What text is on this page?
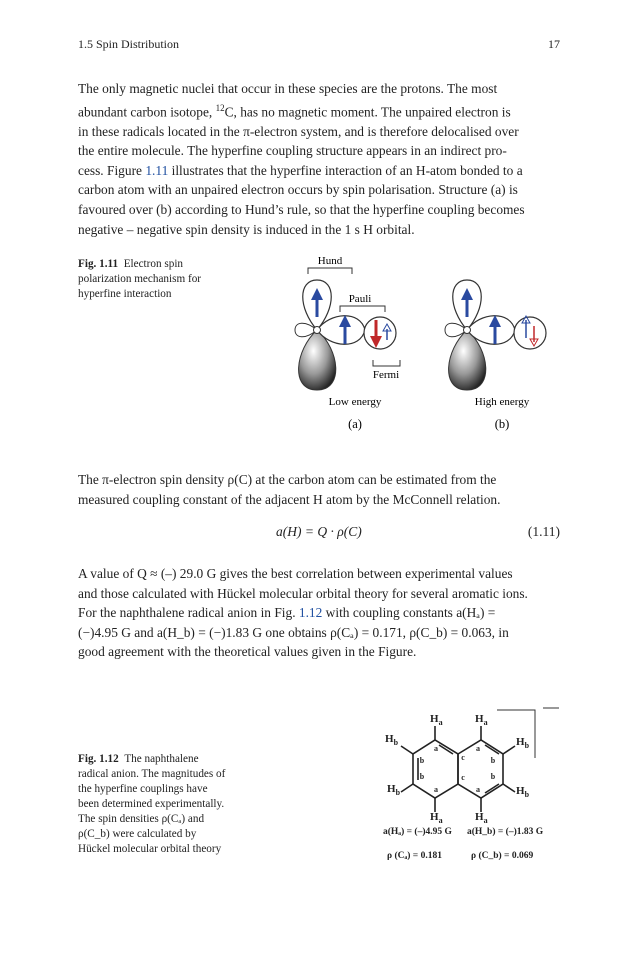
1.5 Spin Distribution	17
The only magnetic nuclei that occur in these species are the protons. The most
abundant carbon isotope, $^{12}$C, has no magnetic moment. The unpaired electron is
in these radicals located in the π-electron system, and is therefore delocalised over
the entire molecule. The hyperfine coupling structure appears in an indirect pro-
cess. Figure 1.11 illustrates that the hyperfine interaction of an H-atom bonded to a
carbon atom with an unpaired electron occurs by spin polarisation. Structure (a) is
favoured over (b) according to Hund’s rule, so that the hyperfine coupling becomes
negative – negative spin density is induced in the 1 s H orbital.
Fig. 1.11 Electron spin polarization mechanism for hyperfine interaction
Hund
Pauli
Fermi
Low energy	High energy
(a)	(b)
The π-electron spin density ρ(C) at the carbon atom can be estimated from the
measured coupling constant of the adjacent H atom by the McConnell relation.
a(H) = Q · ρ(C)	(1.11)
A value of Q ≈ (–) 29.0 G gives the best correlation between experimental values
and those calculated with Hückel molecular orbital theory for several aromatic ions.
For the naphthalene radical anion in Fig. 1.12 with coupling constants a(Hₐ) =
(−)4.95 G and a(H_b) = (−)1.83 G one obtains ρ(Cₐ) = 0.171, ρ(C_b) = 0.063, in
good agreement with the theoretical values given in the Figure.
Fig. 1.12 The naphthalene radical anion. The magnitudes of the hyperfine couplings have been determined experimentally. The spin densities ρ(Cₐ) and ρ(C_b) were calculated by Hückel molecular orbital theory
$H_a$	$H_a$
$H_b$	$H_b$
$H_b$	$H_b$
$H_a$	$H_a$
a	a
b	b
b	b
a	a
c
c
a(Hₐ) = (–)4.95 G a(H_b) = (–)1.83 G
ρ (Cₐ) = 0.181	ρ (C_b) = 0.069
